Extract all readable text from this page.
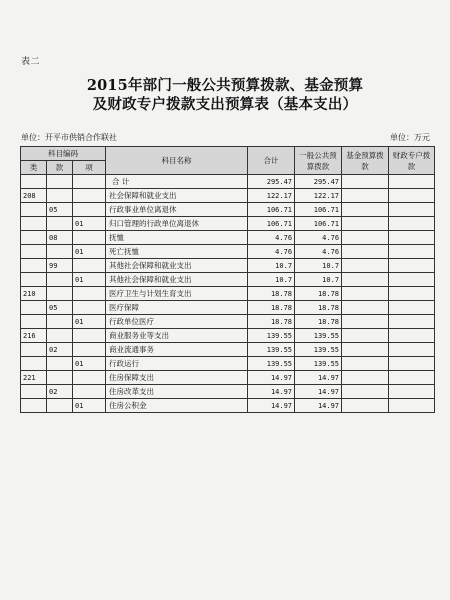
表二
2015年部门一般公共预算拨款、基金预算
及财政专户拨款支出预算表（基本支出）
单位：开平市供销合作联社	单位：万元
科目编码			科目名称	合计	一般公共预算拨款	基金预算拨款	财政专户拨款
类	款	项					
			合 计	295.47	295.47		
208			社会保障和就业支出	122.17	122.17		
	05		行政事业单位离退休	106.71	106.71		
		01	归口管理的行政单位离退休	106.71	106.71		
	08		抚恤	4.76	4.76		
		01	死亡抚恤	4.76	4.76		
	99		其他社会保障和就业支出	10.7	10.7		
		01	其他社会保障和就业支出	10.7	10.7		
210			医疗卫生与计划生育支出	18.78	18.78		
	05		医疗保障	18.78	18.78		
		01	行政单位医疗	18.78	18.78		
216			商业服务业等支出	139.55	139.55		
	02		商业流通事务	139.55	139.55		
		01	行政运行	139.55	139.55		
221			住房保障支出	14.97	14.97		
	02		住房改革支出	14.97	14.97		
		01	住房公积金	14.97	14.97		
